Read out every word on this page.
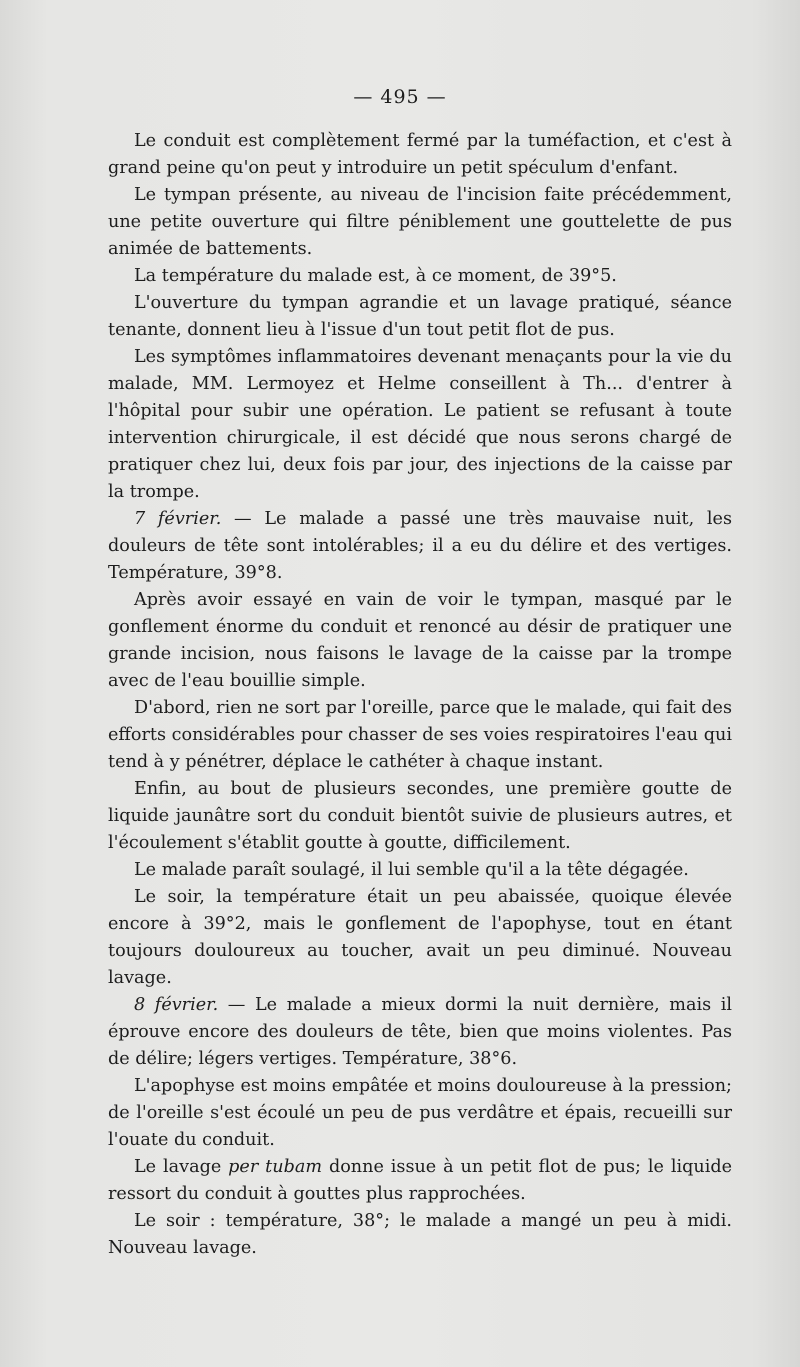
— 495 —

Le conduit est complètement fermé par la tuméfaction, et c'est à grand peine qu'on peut y introduire un petit spéculum d'enfant.

Le tympan présente, au niveau de l'incision faite précédemment, une petite ouverture qui filtre péniblement une gouttelette de pus animée de battements.

La température du malade est, à ce moment, de 39°5.

L'ouverture du tympan agrandie et un lavage pratiqué, séance tenante, donnent lieu à l'issue d'un tout petit flot de pus.

Les symptômes inflammatoires devenant menaçants pour la vie du malade, MM. Lermoyez et Helme conseillent à Th... d'entrer à l'hôpital pour subir une opération. Le patient se refusant à toute intervention chirurgicale, il est décidé que nous serons chargé de pratiquer chez lui, deux fois par jour, des injections de la caisse par la trompe.

7 février. — Le malade a passé une très mauvaise nuit, les douleurs de tête sont intolérables; il a eu du délire et des vertiges. Température, 39°8.

Après avoir essayé en vain de voir le tympan, masqué par le gonflement énorme du conduit et renoncé au désir de pratiquer une grande incision, nous faisons le lavage de la caisse par la trompe avec de l'eau bouillie simple.

D'abord, rien ne sort par l'oreille, parce que le malade, qui fait des efforts considérables pour chasser de ses voies respiratoires l'eau qui tend à y pénétrer, déplace le cathéter à chaque instant.

Enfin, au bout de plusieurs secondes, une première goutte de liquide jaunâtre sort du conduit bientôt suivie de plusieurs autres, et l'écoulement s'établit goutte à goutte, difficilement.

Le malade paraît soulagé, il lui semble qu'il a la tête dégagée.

Le soir, la température était un peu abaissée, quoique élevée encore à 39°2, mais le gonflement de l'apophyse, tout en étant toujours douloureux au toucher, avait un peu diminué. Nouveau lavage.

8 février. — Le malade a mieux dormi la nuit dernière, mais il éprouve encore des douleurs de tête, bien que moins violentes. Pas de délire; légers vertiges. Température, 38°6.

L'apophyse est moins empâtée et moins douloureuse à la pression; de l'oreille s'est écoulé un peu de pus verdâtre et épais, recueilli sur l'ouate du conduit.

Le lavage per tubam donne issue à un petit flot de pus; le liquide ressort du conduit à gouttes plus rapprochées.

Le soir : température, 38°; le malade a mangé un peu à midi. Nouveau lavage.
